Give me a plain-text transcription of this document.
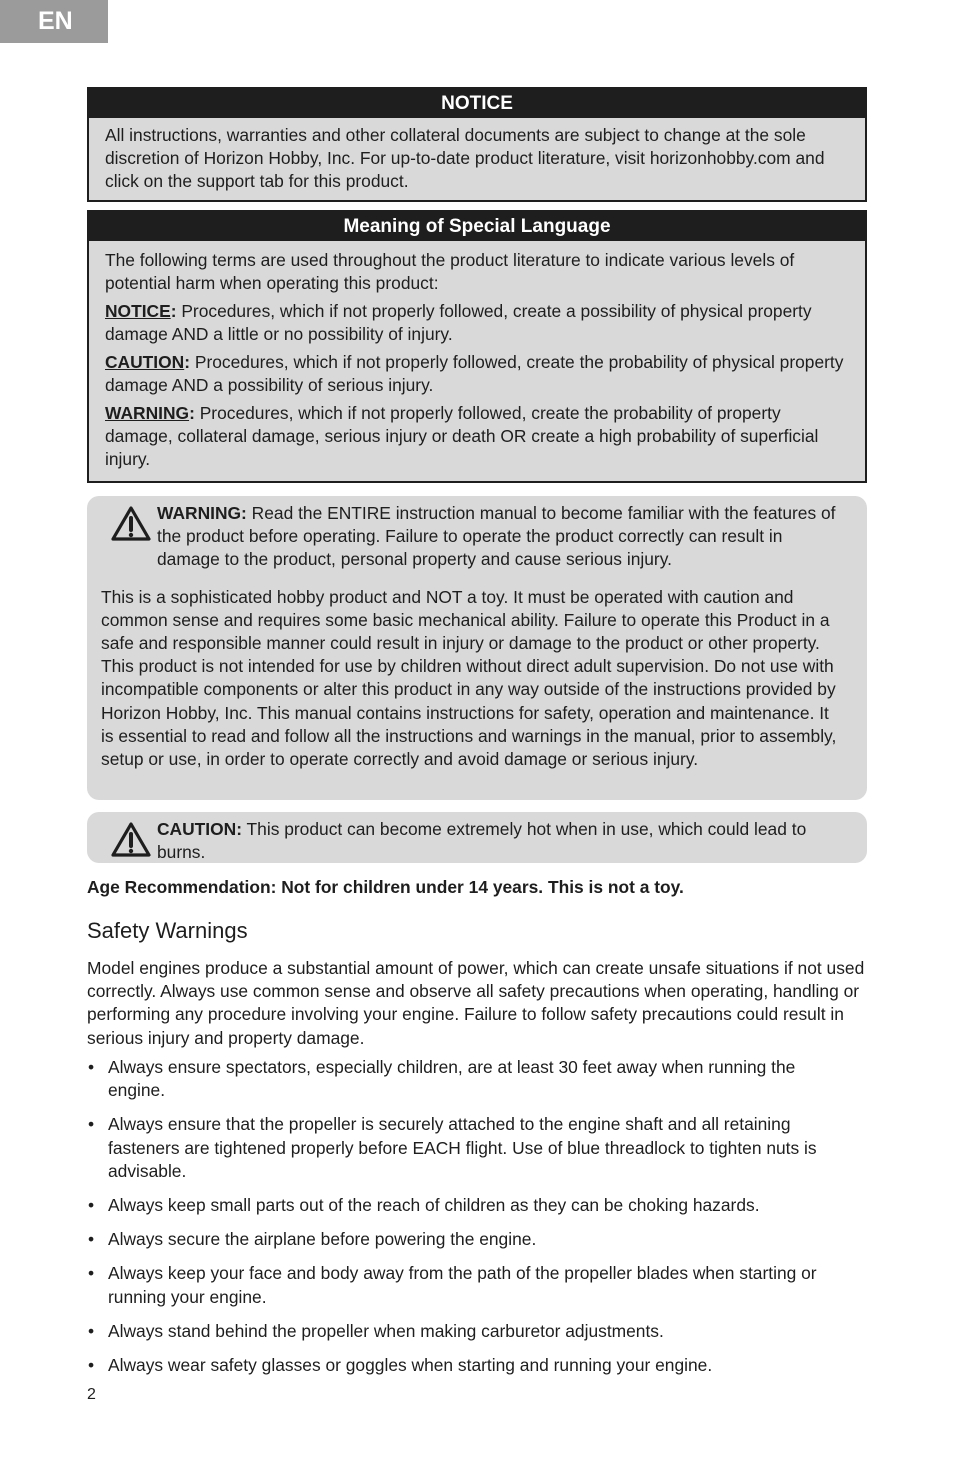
EN
NOTICE

All instructions, warranties and other collateral documents are subject to change at the sole discretion of Horizon Hobby, Inc. For up-to-date product literature, visit horizonhobby.com and click on the support tab for this product.

Meaning of Special Language

The following terms are used throughout the product literature to indicate various levels of potential harm when operating this product:

NOTICE: Procedures, which if not properly followed, create a possibility of physical property damage AND a little or no possibility of injury.

CAUTION: Procedures, which if not properly followed, create the probability of physical property damage AND a possibility of serious injury.

WARNING: Procedures, which if not properly followed, create the probability of property damage, collateral damage, serious injury or death OR create a high probability of superficial injury.

WARNING: Read the ENTIRE instruction manual to become familiar with the features of the product before operating. Failure to operate the product correctly can result in damage to the product, personal property and cause serious injury.
This is a sophisticated hobby product and NOT a toy. It must be operated with caution and common sense and requires some basic mechanical ability. Failure to operate this Product in a safe and responsible manner could result in injury or damage to the product or other property. This product is not intended for use by children without direct adult supervision. Do not use with incompatible components or alter this product in any way outside of the instructions provided by Horizon Hobby, Inc. This manual contains instructions for safety, operation and maintenance. It is essential to read and follow all the instructions and warnings in the manual, prior to assembly, setup or use, in order to operate correctly and avoid damage or serious injury.
CAUTION: This product can become extremely hot when in use, which could lead to burns.
Age Recommendation: Not for children under 14 years. This is not a toy.
Safety Warnings
Model engines produce a substantial amount of power, which can create unsafe situations if not used correctly. Always use common sense and observe all safety precautions when operating, handling or performing any procedure involving your engine. Failure to follow safety precautions could result in serious injury and property damage.
• Always ensure spectators, especially children, are at least 30 feet away when running the engine.
• Always ensure that the propeller is securely attached to the engine shaft and all retaining fasteners are tightened properly before EACH flight. Use of blue threadlock to tighten nuts is advisable.
• Always keep small parts out of the reach of children as they can be choking hazards.
• Always secure the airplane before powering the engine.
• Always keep your face and body away from the path of the propeller blades when starting or running your engine.
• Always stand behind the propeller when making carburetor adjustments.
• Always wear safety glasses or goggles when starting and running your engine.
2
